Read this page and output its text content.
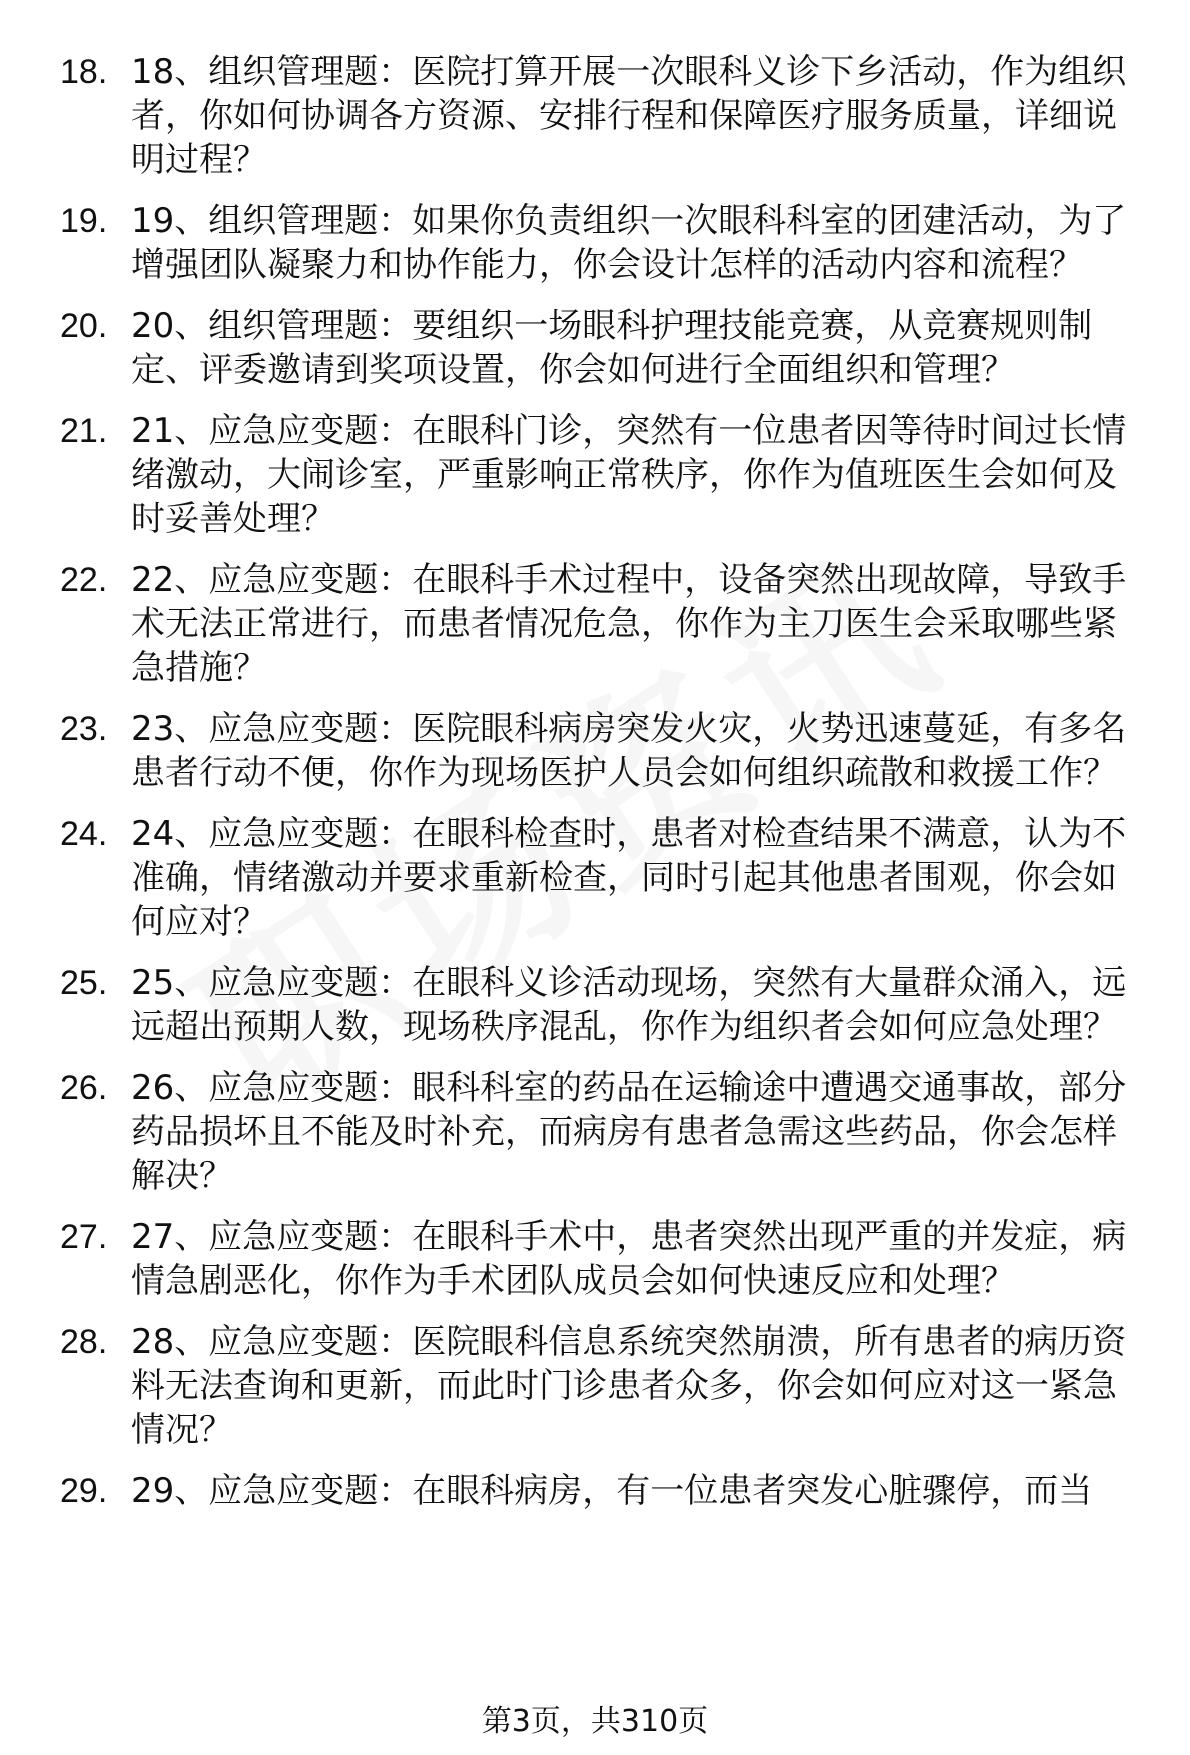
18. 18、组织管理题：医院打算开展一次眼科义诊下乡活动，作为组织者，你如何协调各方资源、安排行程和保障医疗服务质量，详细说明过程？
19. 19、组织管理题：如果你负责组织一次眼科科室的团建活动，为了增强团队凝聚力和协作能力，你会设计怎样的活动内容和流程？
20. 20、组织管理题：要组织一场眼科护理技能竞赛，从竞赛规则制定、评委邀请到奖项设置，你会如何进行全面组织和管理？
21. 21、应急应变题：在眼科门诊，突然有一位患者因等待时间过长情绪激动，大闹诊室，严重影响正常秩序，你作为值班医生会如何及时妥善处理？
22. 22、应急应变题：在眼科手术过程中，设备突然出现故障，导致手术无法正常进行，而患者情况危急，你作为主刀医生会采取哪些紧急措施？
23. 23、应急应变题：医院眼科病房突发火灾，火势迅速蔓延，有多名患者行动不便，你作为现场医护人员会如何组织疏散和救援工作？
24. 24、应急应变题：在眼科检查时，患者对检查结果不满意，认为不准确，情绪激动并要求重新检查，同时引起其他患者围观，你会如何应对？
25. 25、应急应变题：在眼科义诊活动现场，突然有大量群众涌入，远远超出预期人数，现场秩序混乱，你作为组织者会如何应急处理？
26. 26、应急应变题：眼科科室的药品在运输途中遭遇交通事故，部分药品损坏且不能及时补充，而病房有患者急需这些药品，你会怎样解决？
27. 27、应急应变题：在眼科手术中，患者突然出现严重的并发症，病情急剧恶化，你作为手术团队成员会如何快速反应和处理？
28. 28、应急应变题：医院眼科信息系统突然崩溃，所有患者的病历资料无法查询和更新，而此时门诊患者众多，你会如何应对这一紧急情况？
29. 29、应急应变题：在眼科病房，有一位患者突发心脏骤停，而当
第3页，共310页
